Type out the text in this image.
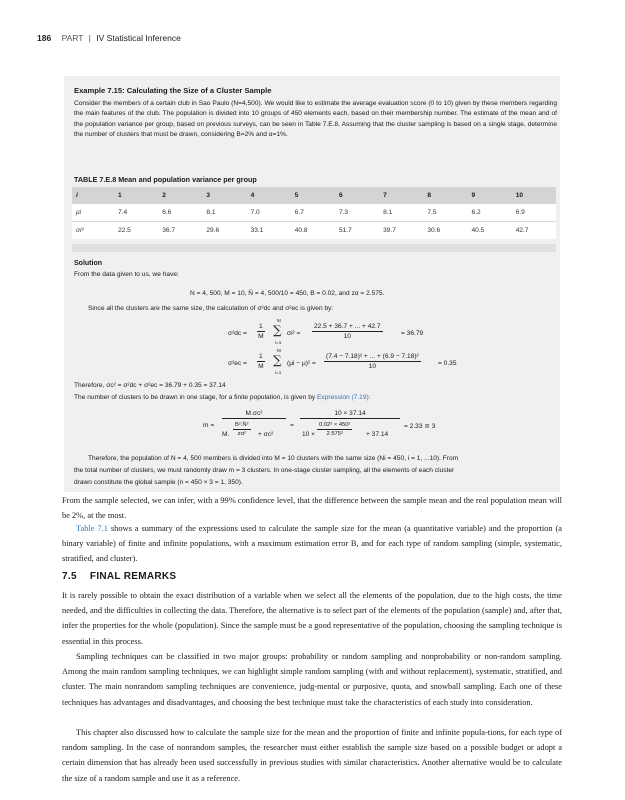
186 PART | IV Statistical Inference
Example 7.15: Calculating the Size of a Cluster Sample
Consider the members of a certain club in Sao Paulo (N=4,500). We would like to estimate the average evaluation score (0 to 10) given by these members regarding the main features of the club. The population is divided into 10 groups of 450 elements each, based on their membership number. The estimate of the mean and of the population variance per group, based on previous surveys, can be seen in Table 7.E.8. Assuming that the cluster sampling is based on a single stage, determine the number of clusters that must be drawn, considering B=2% and α=1%.
TABLE 7.E.8 Mean and population variance per group
i	1	2	3	4	5	6	7	8	9	10
μi	7.4	6.6	8.1	7.0	6.7	7.3	8.1	7.5	6.2	6.9
σi²	22.5	36.7	29.6	33.1	40.8	51.7	39.7	30.6	40.5	42.7
Solution
From the data given to us, we have:
N = 4, 500, M = 10, N̄ = 4, 500/10 = 450, B = 0.02, and zα = 2.575.
Since all the clusters are the same size, the calculation of σ²dc and σ²ec is given by:
$\sigma^2dc = \frac{1}{M}$
M
∑
i=1
$\sigma i^2 = \frac{22.5 + 36.7 + ... + 42.7}{10}$	= 36.79
$\sigma^2ec = \frac{1}{M}$
M
∑
i=1
$(\mu i - \mu)^2 = \frac{\text{(7.4 − 7.18)² + ... + (6.9 − 7.18)²}}{10}$	= 0.35
Therefore, σc² = σ²dc + σ²ec = 36.79 + 0.35 = 37.14
The number of clusters to be drawn in one stage, for a finite population, is given by Expression (7.19):
m =
M.σc²
M. $\frac{\text{B².N̄²}}{\text{zα²}} + \sigma c^2$
=
10 × 37.14
$10 \times \frac{\text{0.02² × 450²}}{\text{2.575²}} + 37.14$
= 2.33 ≅ 3
Therefore, the population of N = 4, 500 members is divided into M = 10 clusters with the same size (Ni = 450, i = 1, ...10). From
the total number of clusters, we must randomly draw m = 3 clusters. In one-stage cluster sampling, all the elements of each cluster
drawn constitute the global sample (n = 450 × 3 = 1, 350).
From the sample selected, we can infer, with a 99% confidence level, that the difference between the sample mean and the real population mean will be 2%, at the most.
Table 7.1 shows a summary of the expressions used to calculate the sample size for the mean (a quantitative variable) and the proportion (a binary variable) of finite and infinite populations, with a maximum estimation error B, and for each type of random sampling (simple, systematic, stratified, and cluster).
7.5 FINAL REMARKS
It is rarely possible to obtain the exact distribution of a variable when we select all the elements of the population, due to the high costs, the time needed, and the difficulties in collecting the data. Therefore, the alternative is to select part of the elements of the population (sample) and, after that, infer the properties for the whole (population). Since the sample must be a good representative of the population, choosing the sampling technique is essential in this process.
Sampling techniques can be classified in two major groups: probability or random sampling and nonprobability or non-random sampling. Among the main random sampling techniques, we can highlight simple random sampling (with and without replacement), systematic, stratified, and cluster. The main nonrandom sampling techniques are convenience, judg-mental or purposive, quota, and snowball sampling. Each one of these techniques has advantages and disadvantages, and choosing the best technique must take the characteristics of each study into consideration.
This chapter also discussed how to calculate the sample size for the mean and the proportion of finite and infinite popula-tions, for each type of random sampling. In the case of nonrandom samples, the researcher must either establish the sample size based on a possible budget or adopt a certain dimension that has already been used successfully in previous studies with similar characteristics. Another alternative would be to calculate the size of a random sample and use it as a reference.
